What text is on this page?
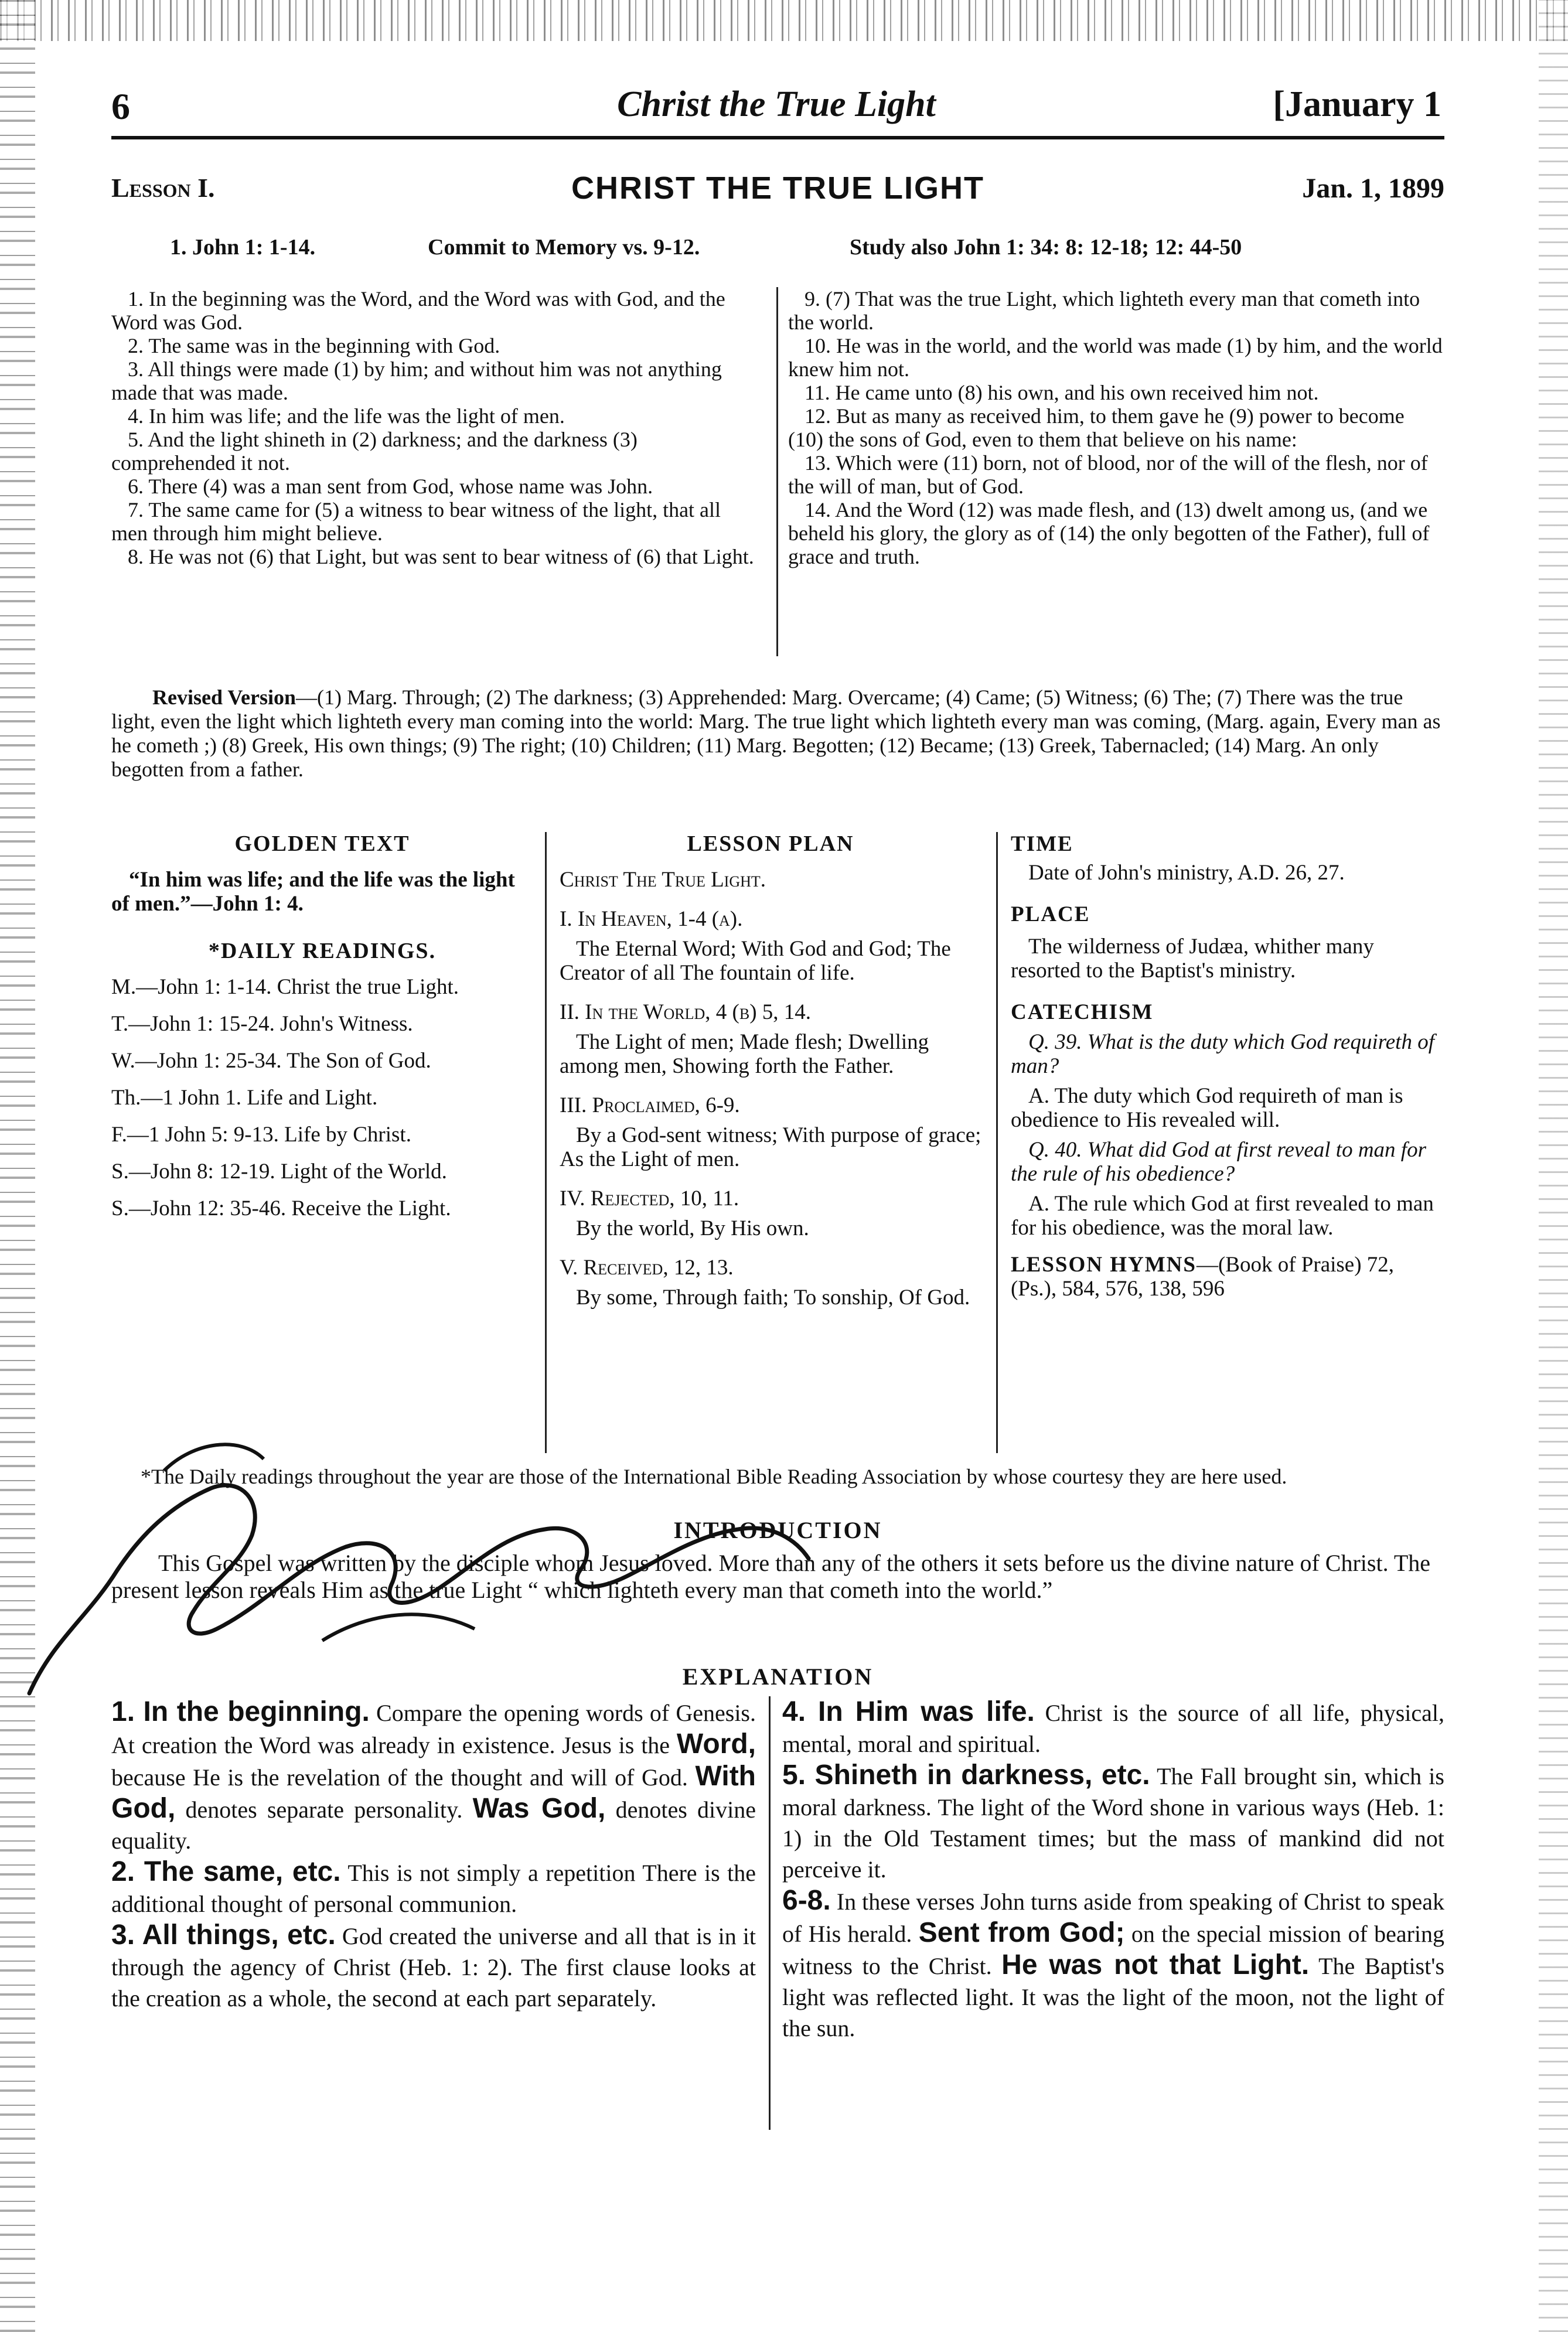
6	Christ the True Light	[January 1
Lesson I.	CHRIST THE TRUE LIGHT	Jan. 1, 1899
1. John 1: 1-14.	Commit to Memory vs. 9-12.	Study also John 1: 34: 8: 12-18; 12: 44-50

1. In the beginning was the Word, and the Word was with God, and the Word was God.

2. The same was in the beginning with God.

3. All things were made (1) by him; and without him was not anything made that was made.

4. In him was life; and the life was the light of men.

5. And the light shineth in (2) darkness; and the darkness (3) comprehended it not.

6. There (4) was a man sent from God, whose name was John.

7. The same came for (5) a witness to bear witness of the light, that all men through him might believe.

8. He was not (6) that Light, but was sent to bear witness of (6) that Light.

9. (7) That was the true Light, which lighteth every man that cometh into the world.

10. He was in the world, and the world was made (1) by him, and the world knew him not.

11. He came unto (8) his own, and his own received him not.

12. But as many as received him, to them gave he (9) power to become (10) the sons of God, even to them that believe on his name:

13. Which were (11) born, not of blood, nor of the will of the flesh, nor of the will of man, but of God.

14. And the Word (12) was made flesh, and (13) dwelt among us, (and we beheld his glory, the glory as of (14) the only begotten of the Father), full of grace and truth.

Revised Version—(1) Marg. Through; (2) The darkness; (3) Apprehended: Marg. Overcame; (4) Came; (5) Witness; (6) The; (7) There was the true light, even the light which lighteth every man coming into the world: Marg. The true light which lighteth every man was coming, (Marg. again, Every man as he cometh ;) (8) Greek, His own things; (9) The right; (10) Children; (11) Marg. Begotten; (12) Became; (13) Greek, Tabernacled; (14) Marg. An only begotten from a father.
GOLDEN TEXT
“In him was life; and the life was the light of men.”—John 1: 4.
*DAILY READINGS.
M.—John 1: 1-14. Christ the true Light.
T.—John 1: 15-24. John's Witness.
W.—John 1: 25-34. The Son of God.
Th.—1 John 1. Life and Light.
F.—1 John 5: 9-13. Life by Christ.
S.—John 8: 12-19. Light of the World.
S.—John 12: 35-46. Receive the Light.
LESSON PLAN
Christ The True Light.
I. In Heaven, 1-4 (a).
The Eternal Word; With God and God; The Creator of all The fountain of life.
II. In the World, 4 (b) 5, 14.
The Light of men; Made flesh; Dwelling among men, Showing forth the Father.
III. Proclaimed, 6-9.
By a God-sent witness; With purpose of grace; As the Light of men.
IV. Rejected, 10, 11.
By the world, By His own.
V. Received, 12, 13.
By some, Through faith; To sonship, Of God.
TIME
Date of John's ministry, A.D. 26, 27.
PLACE
The wilderness of Judæa, whither many resorted to the Baptist's ministry.
CATECHISM
Q. 39. What is the duty which God requireth of man?
A. The duty which God requireth of man is obedience to His revealed will.
Q. 40. What did God at first reveal to man for the rule of his obedience?
A. The rule which God at first revealed to man for his obedience, was the moral law.
LESSON HYMNS—(Book of Praise) 72, (Ps.), 584, 576, 138, 596
*The Daily readings throughout the year are those of the International Bible Reading Association by whose courtesy they are here used.
INTRODUCTION
This Gospel was written by the disciple whom Jesus loved. More than any of the others it sets before us the divine nature of Christ. The present lesson reveals Him as the true Light “ which lighteth every man that cometh into the world.”
EXPLANATION

1. In the beginning. Compare the opening words of Genesis. At creation the Word was already in existence. Jesus is the Word, because He is the revelation of the thought and will of God. With God, denotes separate personality. Was God, denotes divine equality.

2. The same, etc. This is not simply a repetition There is the additional thought of personal communion.

3. All things, etc. God created the universe and all that is in it through the agency of Christ (Heb. 1: 2). The first clause looks at the creation as a whole, the second at each part separately.

4. In Him was life. Christ is the source of all life, physical, mental, moral and spiritual.

5. Shineth in darkness, etc. The Fall brought sin, which is moral darkness. The light of the Word shone in various ways (Heb. 1: 1) in the Old Testament times; but the mass of mankind did not perceive it.

6-8. In these verses John turns aside from speaking of Christ to speak of His herald. Sent from God; on the special mission of bearing witness to the Christ. He was not that Light. The Baptist's light was reflected light. It was the light of the moon, not the light of the sun.
